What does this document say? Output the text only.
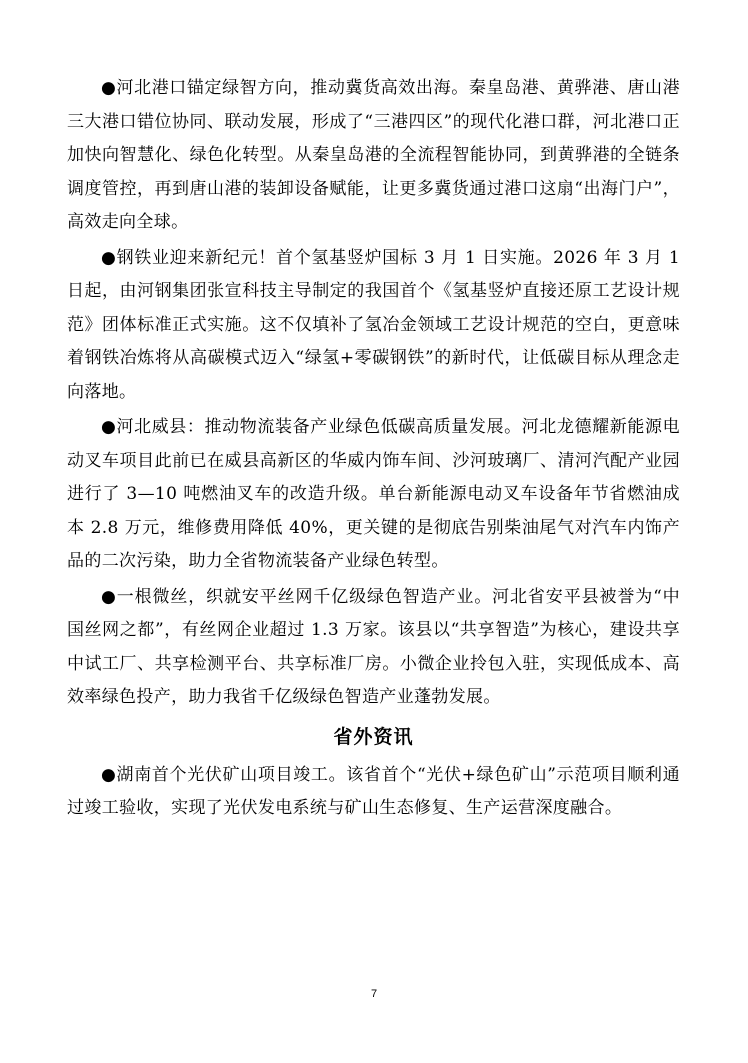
●河北港口锚定绿智方向，推动冀货高效出海。秦皇岛港、黄骅港、唐山港三大港口错位协同、联动发展，形成了“三港四区”的现代化港口群，河北港口正加快向智慧化、绿色化转型。从秦皇岛港的全流程智能协同，到黄骅港的全链条调度管控，再到唐山港的装卸设备赋能，让更多冀货通过港口这扇“出海门户”，高效走向全球。

●钢铁业迎来新纪元！首个氢基竖炉国标 3 月 1 日实施。2026 年 3 月 1 日起，由河钢集团张宣科技主导制定的我国首个《氢基竖炉直接还原工艺设计规范》团体标准正式实施。这不仅填补了氢冶金领域工艺设计规范的空白，更意味着钢铁冶炼将从高碳模式迈入“绿氢+零碳钢铁”的新时代，让低碳目标从理念走向落地。

●河北威县：推动物流装备产业绿色低碳高质量发展。河北龙德耀新能源电动叉车项目此前已在威县高新区的华威内饰车间、沙河玻璃厂、清河汽配产业园进行了 3—10 吨燃油叉车的改造升级。单台新能源电动叉车设备年节省燃油成本 2.8 万元，维修费用降低 40%，更关键的是彻底告别柴油尾气对汽车内饰产品的二次污染，助力全省物流装备产业绿色转型。

●一根微丝，织就安平丝网千亿级绿色智造产业。河北省安平县被誉为“中国丝网之都”，有丝网企业超过 1.3 万家。该县以“共享智造”为核心，建设共享中试工厂、共享检测平台、共享标准厂房。小微企业拎包入驻，实现低成本、高效率绿色投产，助力我省千亿级绿色智造产业蓬勃发展。

省外资讯

●湖南首个光伏矿山项目竣工。该省首个“光伏+绿色矿山”示范项目顺利通过竣工验收，实现了光伏发电系统与矿山生态修复、生产运营深度融合。

7
